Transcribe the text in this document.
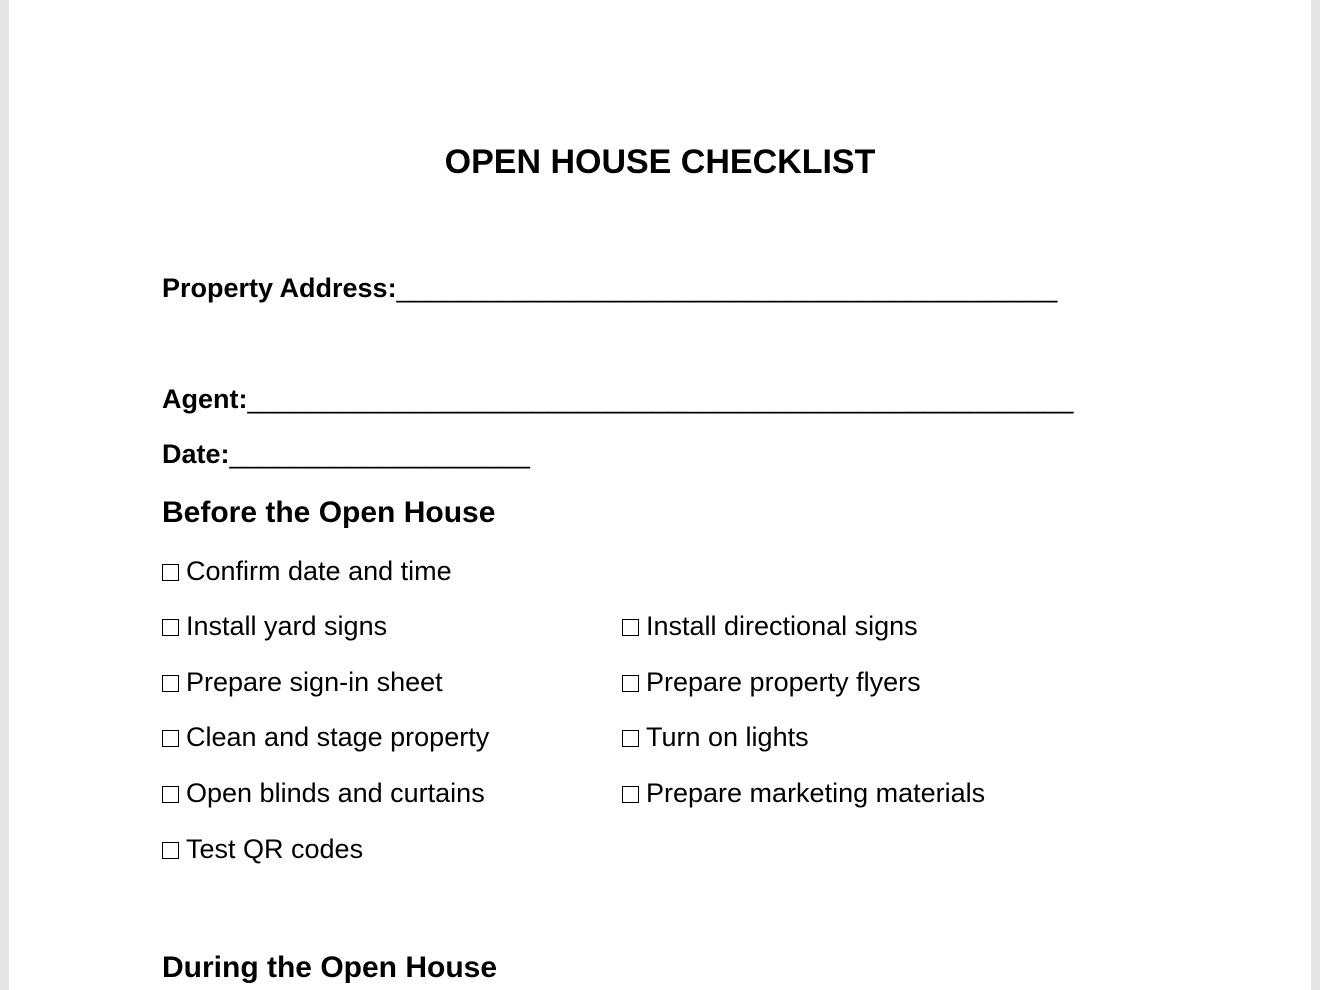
OPEN HOUSE CHECKLIST
Property Address:____________________________________________
Agent:_______________________________________________________
Date:____________________
Before the Open House
Confirm date and time
Install yard signs	Install directional signs
Prepare sign-in sheet	Prepare property flyers
Clean and stage property	Turn on lights
Open blinds and curtains	Prepare marketing materials
Test QR codes
During the Open House
